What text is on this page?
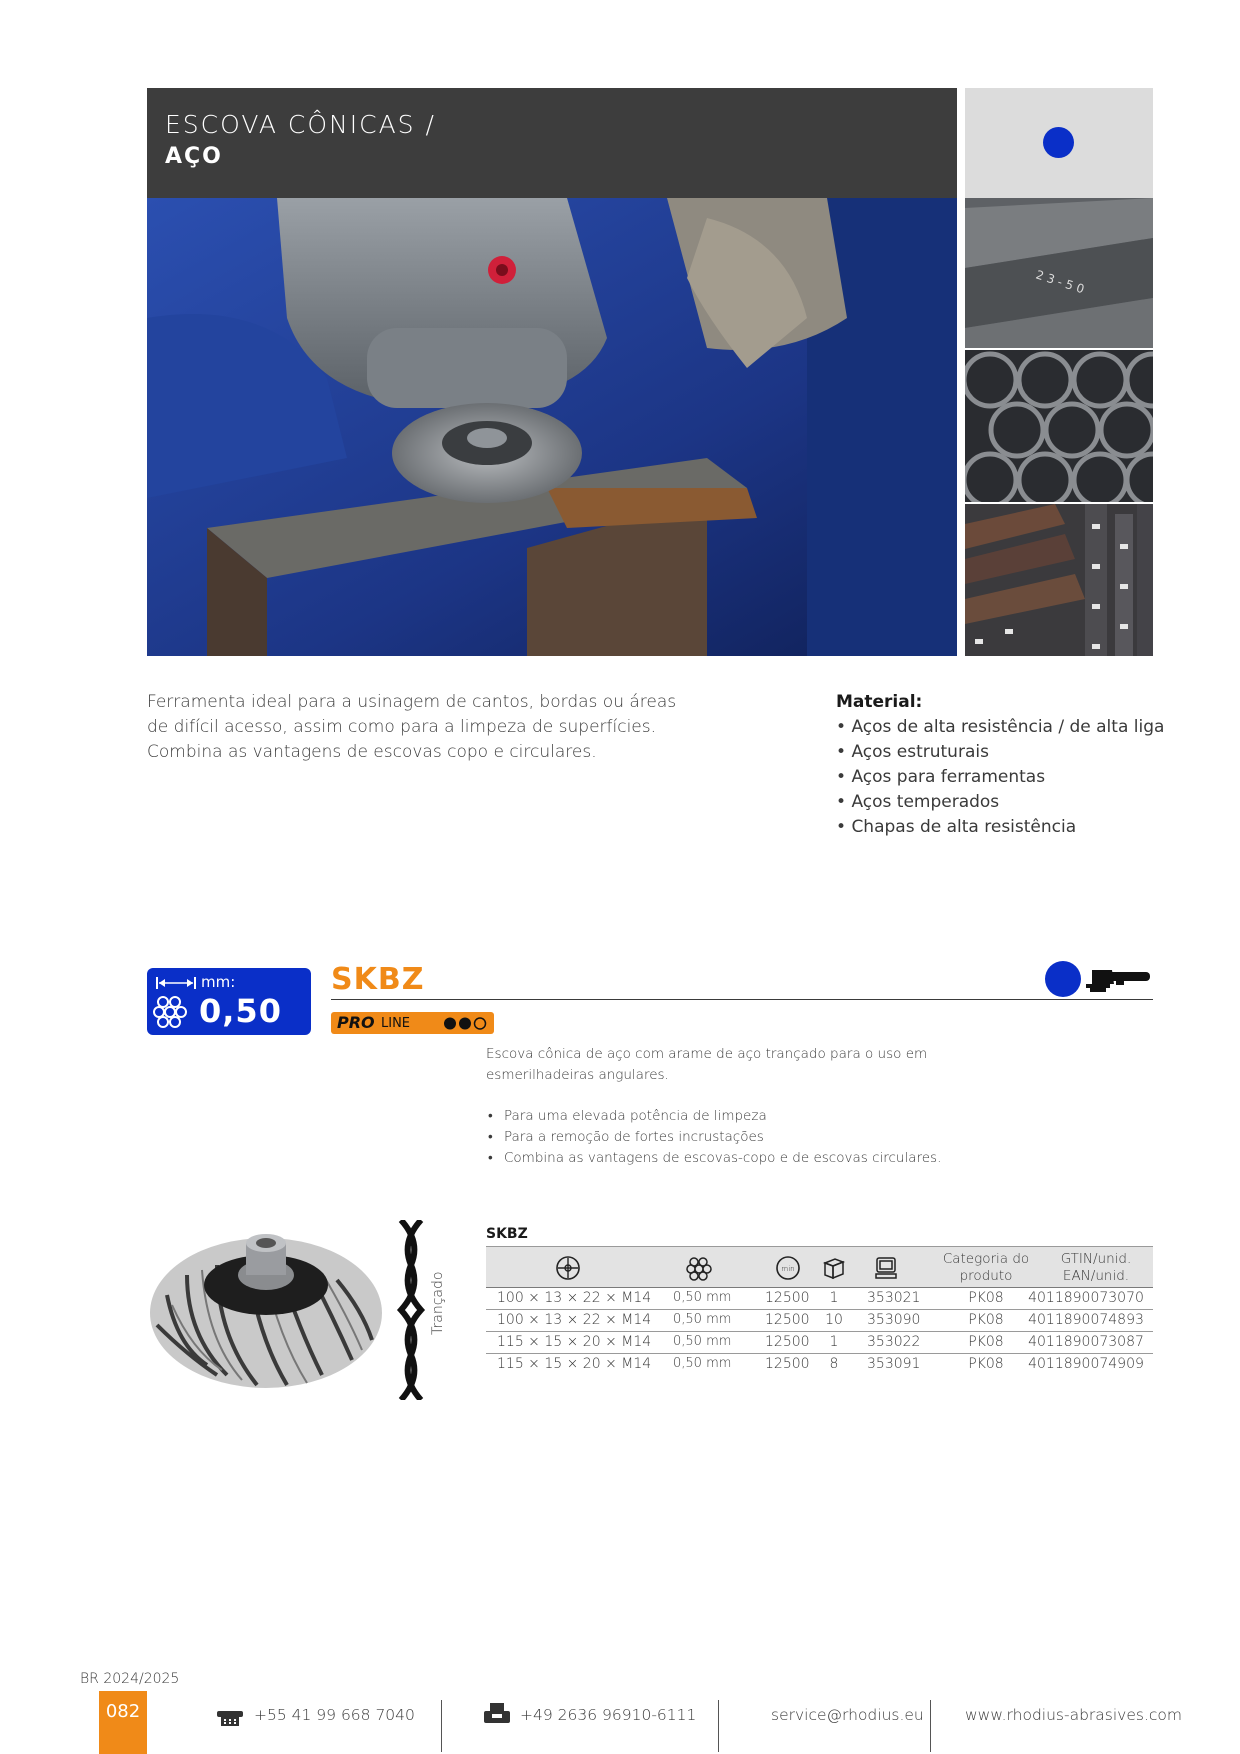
ESCOVA CÔNICAS /
AÇO
2 3 - 5 0

Ferramenta ideal para a usinagem de cantos, bordas ou áreas de difícil acesso, assim como para a limpeza de superfícies. Combina as vantagens de escovas copo e circulares.

Material:
• Aços de alta resistência / de alta liga
• Aços estruturais
• Aços para ferramentas
• Aços temperados
• Chapas de alta resistência
mm:
0,50
SKBZ
PRO LINE

Escova cônica de aço com arame de aço trançado para o uso em esmerilhadeiras angulares.

• Para uma elevada potência de limpeza
• Para a remoção de fortes incrustações
• Combina as vantagens de escovas-copo e de escovas circulares.
Trançado
SKBZ
min
Categoria do produto
GTIN/unid. EAN/unid.
100 × 13 × 22 × M14 0,50 mm 12500	1	353021	PK08	4011890073070
100 × 13 × 22 × M14 0,50 mm 12500 10 353090	PK08	4011890074893
115 × 15 × 20 × M14 0,50 mm 12500	1	353022	PK08	4011890073087
115 × 15 × 20 × M14 0,50 mm 12500	8	353091	PK08	4011890074909
BR 2024/2025
082	+55 41 99 668 7040	+49 2636 96910-6111	service@rhodius.eu	www.rhodius-abrasives.com
